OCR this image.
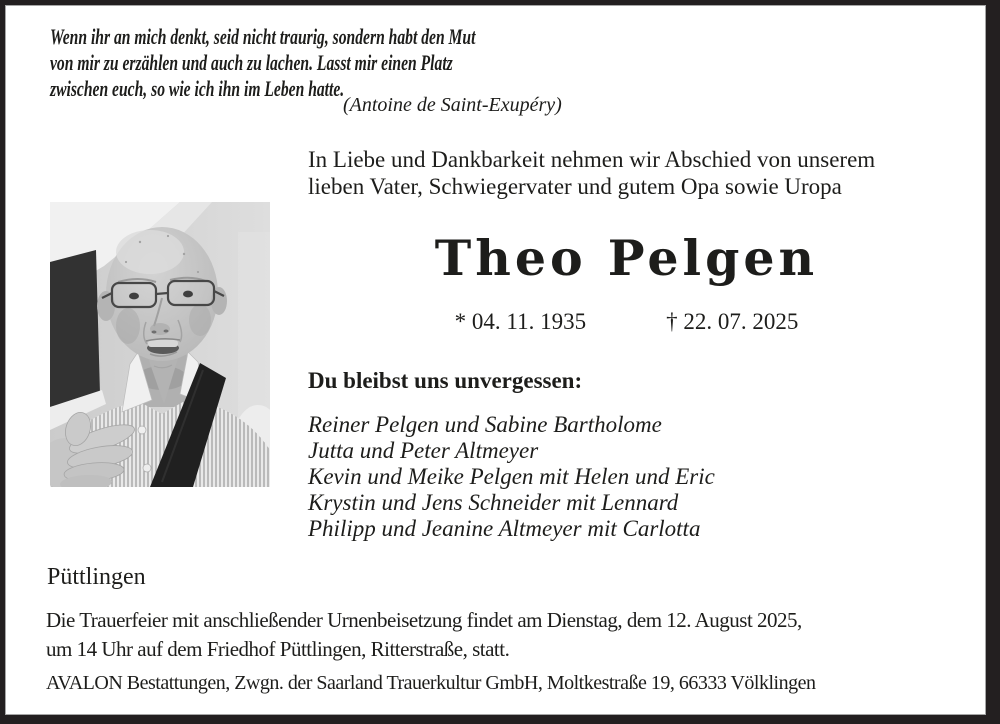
Wenn ihr an mich denkt, seid nicht traurig, sondern habt den Mut
von mir zu erzählen und auch zu lachen. Lasst mir einen Platz
zwischen euch, so wie ich ihn im Leben hatte.
(Antoine de Saint-Exupéry)
In Liebe und Dankbarkeit nehmen wir Abschied von unserem
lieben Vater, Schwiegervater und gutem Opa sowie Uropa
Theo Pelgen
* 04. 11. 1935	† 22. 07. 2025
Du bleibst uns unvergessen:
Reiner Pelgen und Sabine Bartholome
Jutta und Peter Altmeyer
Kevin und Meike Pelgen mit Helen und Eric
Krystin und Jens Schneider mit Lennard
Philipp und Jeanine Altmeyer mit Carlotta
Püttlingen
Die Trauerfeier mit anschließender Urnenbeisetzung findet am Dienstag, dem 12. August 2025,
um 14 Uhr auf dem Friedhof Püttlingen, Ritterstraße, statt.
AVALON Bestattungen, Zwgn. der Saarland Trauerkultur GmbH, Moltkestraße 19, 66333 Völklingen
